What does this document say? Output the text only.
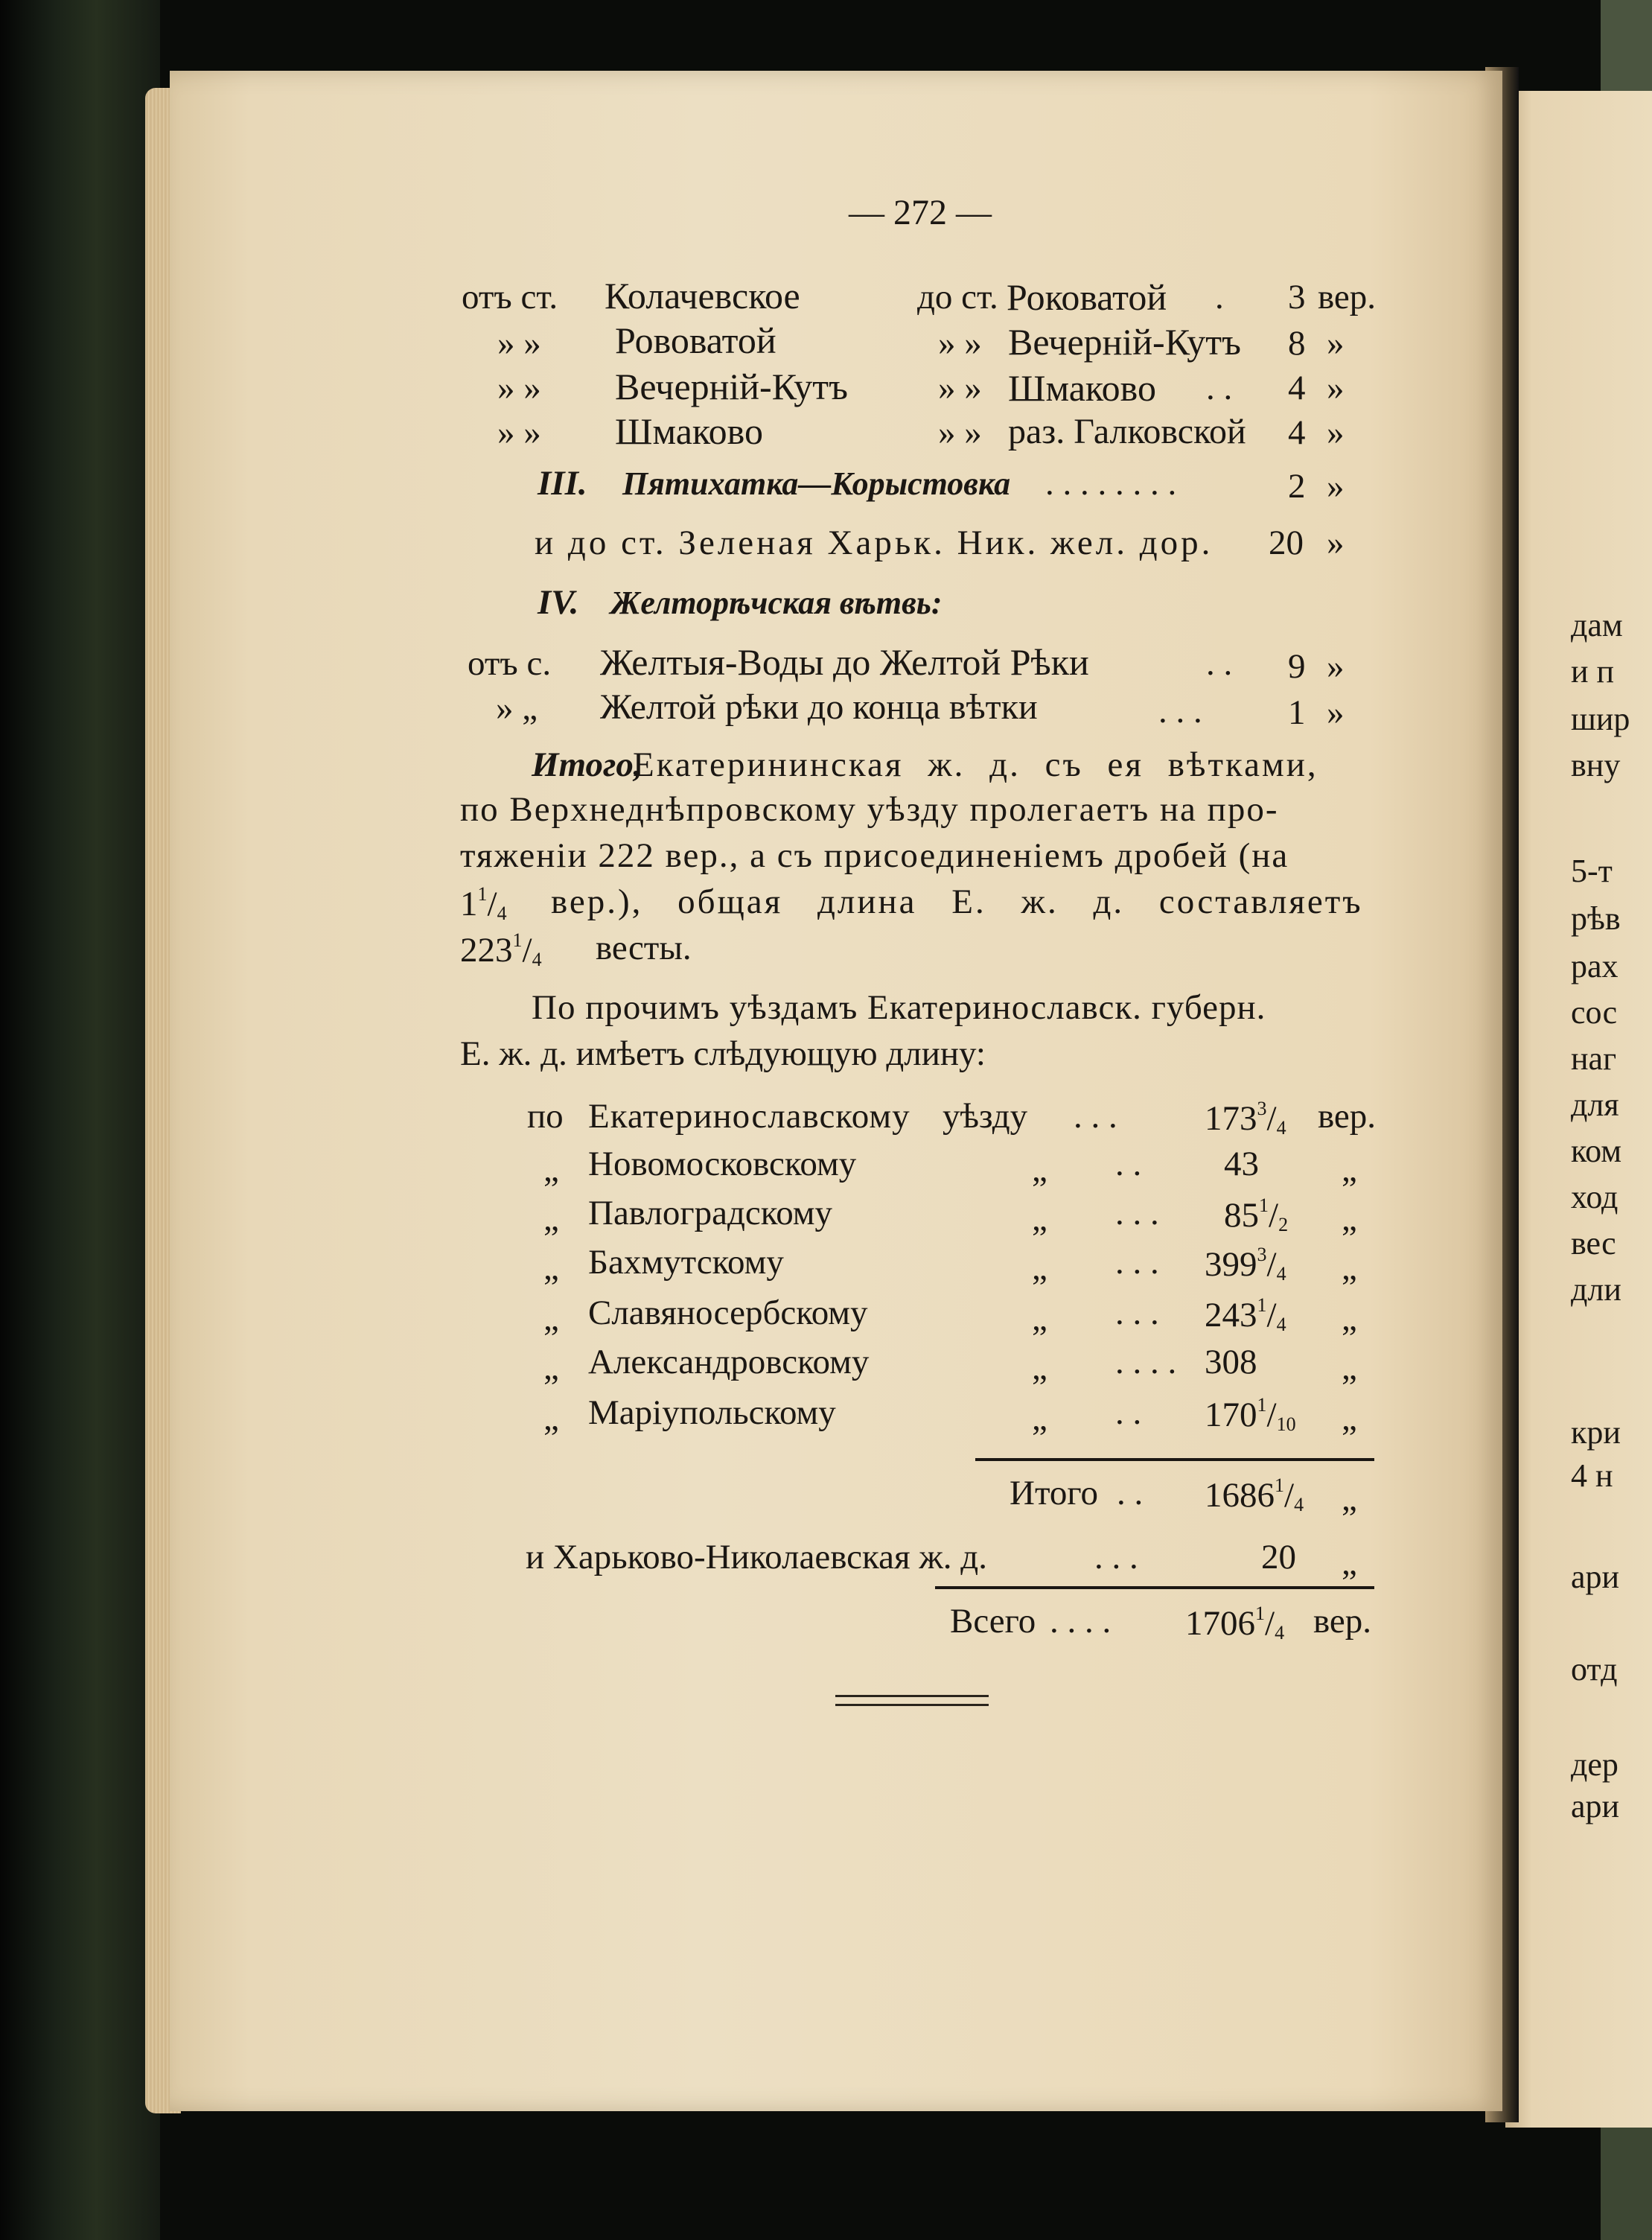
— 272 —
отъ ст. Колачевское	до ст. Роковатой . 3 вер.
» » Рововатой	» » Вечерній-Кутъ 8 »
» » Вечерній-Кутъ	» » Шмаково . . 4 »
» » Шмаково	» » раз. Галковской 4 »
III. Пятихатка—Корыстовка . . . . . . . .	2 »
и до ст. Зеленая Харьк. Ник. жел. дор. 20 »
IV. Желторѣчская вѣтвь:
отъ с. Желтыя-Воды до Желтой Рѣки	. . 9 »
» „ Желтой рѣки до конца вѣтки	. . . 1 »
Итого,
Екатерининская ж. д. съ ея вѣтками,
по Верхнеднѣпровскому уѣзду пролегаетъ на про-
тяженіи 222 вер., а съ присоединеніемъ дробей (на
$1^1/_4$ вер.), общая длина Е. ж. д. составляетъ
$223^1/_4$ весты.
По прочимъ уѣздамъ Екатеринославск. губерн.
Е. ж. д. имѣетъ слѣдующую длину:
по Екатеринославскому уѣзду . . . $173^3/_4$ вер.
„ Новомосковскому	„ . . 43 „
„ Павлоградскому	„ . . . $85^1/_2$ „
„ Бахмутскому	„ . . . $399^3/_4$ „
„ Славяносербскому	„ . . . $243^1/_4$ „
„ Александровскому	„ . . . . 308 „
„ Маріупольскому	„ . . $170^1/_{10}$ „
Итого . . $1686^1/_4$ „
и Харьково-Николаевская ж. д.	. . .	20 „
Всего . . . . $1706^1/_4$ вер.
дам
и п
шир
вну
5-т
рѣв
рах
сос
наг
для
ком
ход
вес
дли
кри
4 н
ари
отд
дер
ари
